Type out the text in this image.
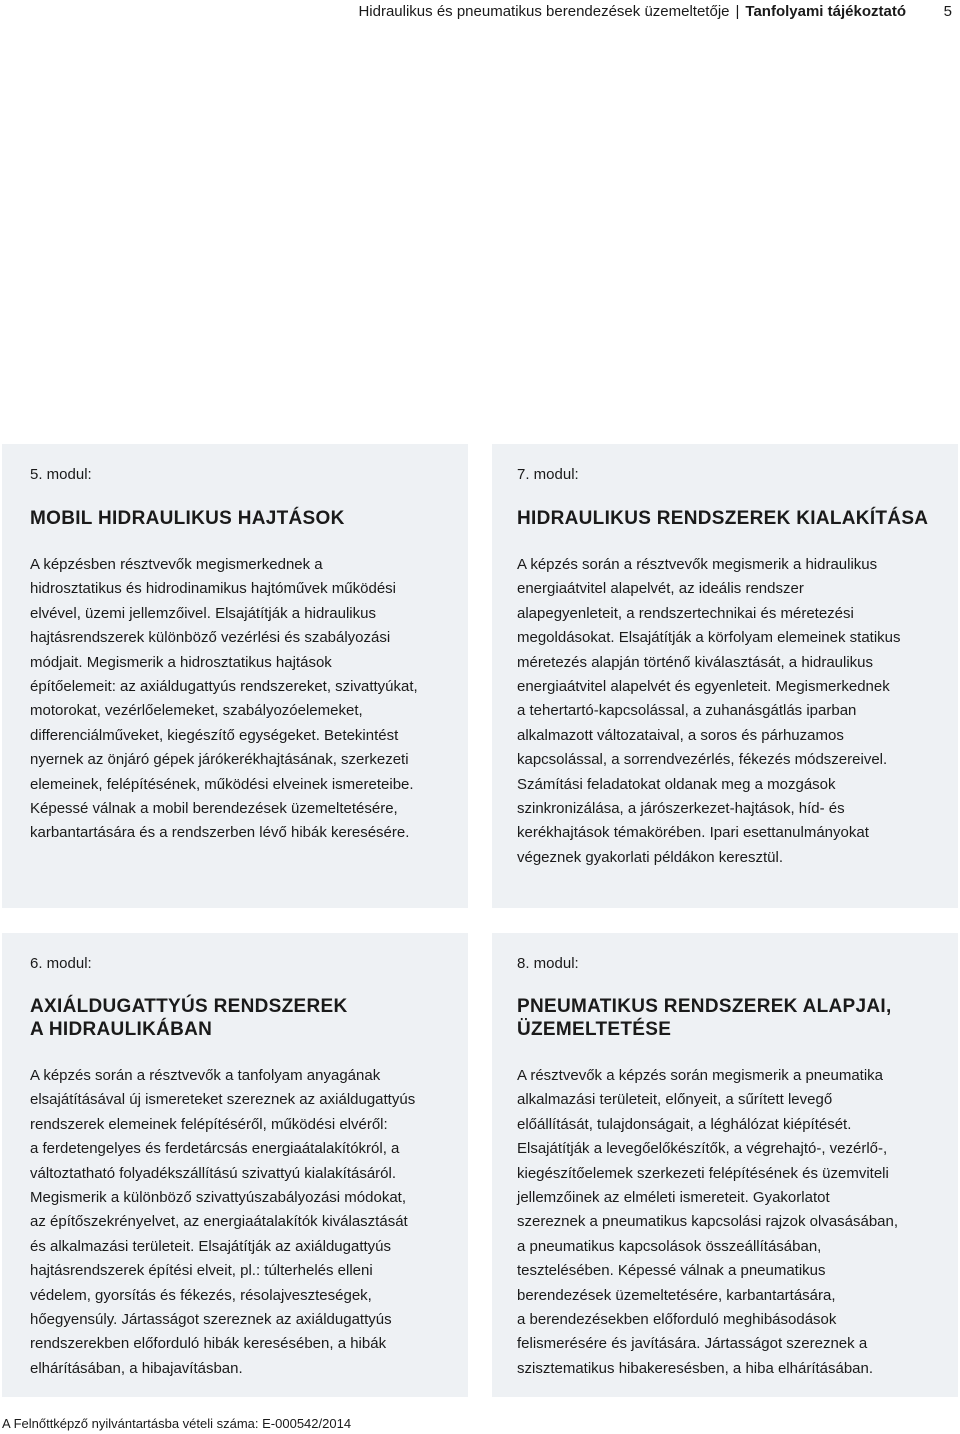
Hidraulikus és pneumatikus berendezések üzemeltetője | Tanfolyami tájékoztató	5
5. modul:
MOBIL HIDRAULIKUS HAJTÁSOK
A képzésben résztvevők megismerkednek a
hidrosztatikus és hidrodinamikus hajtóművek működési
elvével, üzemi jellemzőivel. Elsajátítják a hidraulikus
hajtásrendszerek különböző vezérlési és szabályozási
módjait. Megismerik a hidrosztatikus hajtások
építőelemeit: az axiáldugattyús rendszereket, szivattyúkat,
motorokat, vezérlőelemeket, szabályozóelemeket,
differenciálműveket, kiegészítő egységeket. Betekintést
nyernek az önjáró gépek járókerékhajtásának, szerkezeti
elemeinek, felépítésének, működési elveinek ismereteibe.
Képessé válnak a mobil berendezések üzemeltetésére,
karbantartására és a rendszerben lévő hibák keresésére.
7. modul:
HIDRAULIKUS RENDSZEREK KIALAKÍTÁSA
A képzés során a résztvevők megismerik a hidraulikus
energiaátvitel alapelvét, az ideális rendszer
alapegyenleteit, a rendszertechnikai és méretezési
megoldásokat. Elsajátítják a körfolyam elemeinek statikus
méretezés alapján történő kiválasztását, a hidraulikus
energiaátvitel alapelvét és egyenleteit. Megismerkednek
a tehertartó-kapcsolással, a zuhanásgátlás iparban
alkalmazott változataival, a soros és párhuzamos
kapcsolással, a sorrendvezérlés, fékezés módszereivel.
Számítási feladatokat oldanak meg a mozgások
szinkronizálása, a járószerkezet-hajtások, híd- és
kerékhajtások témakörében. Ipari esettanulmányokat
végeznek gyakorlati példákon keresztül.
6. modul:
AXIÁLDUGATTYÚS RENDSZEREK
A HIDRAULIKÁBAN
A képzés során a résztvevők a tanfolyam anyagának
elsajátításával új ismereteket szereznek az axiáldugattyús
rendszerek elemeinek felépítéséről, működési elvéről:
a ferdetengelyes és ferdetárcsás energiaátalakítókról, a
változtatható folyadékszállítású szivattyú kialakításáról.
Megismerik a különböző szivattyúszabályozási módokat,
az építőszekrényelvet, az energiaátalakítók kiválasztását
és alkalmazási területeit. Elsajátítják az axiáldugattyús
hajtásrendszerek építési elveit, pl.: túlterhelés elleni
védelem, gyorsítás és fékezés, résolajveszteségek,
hőegyensúly. Jártasságot szereznek az axiáldugattyús
rendszerekben előforduló hibák keresésében, a hibák
elhárításában, a hibajavításban.
8. modul:
PNEUMATIKUS RENDSZEREK ALAPJAI,
ÜZEMELTETÉSE
A résztvevők a képzés során megismerik a pneumatika
alkalmazási területeit, előnyeit, a sűrített levegő
előállítását, tulajdonságait, a léghálózat kiépítését.
Elsajátítják a levegőelőkészítők, a végrehajtó-, vezérlő-,
kiegészítőelemek szerkezeti felépítésének és üzemviteli
jellemzőinek az elméleti ismereteit. Gyakorlatot
szereznek a pneumatikus kapcsolási rajzok olvasásában,
a pneumatikus kapcsolások összeállításában,
tesztelésében. Képessé válnak a pneumatikus
berendezések üzemeltetésére, karbantartására,
a berendezésekben előforduló meghibásodások
felismerésére és javítására. Jártasságot szereznek a
szisztematikus hibakeresésben, a hiba elhárításában.
A Felnőttképző nyilvántartásba vételi száma: E-000542/2014
